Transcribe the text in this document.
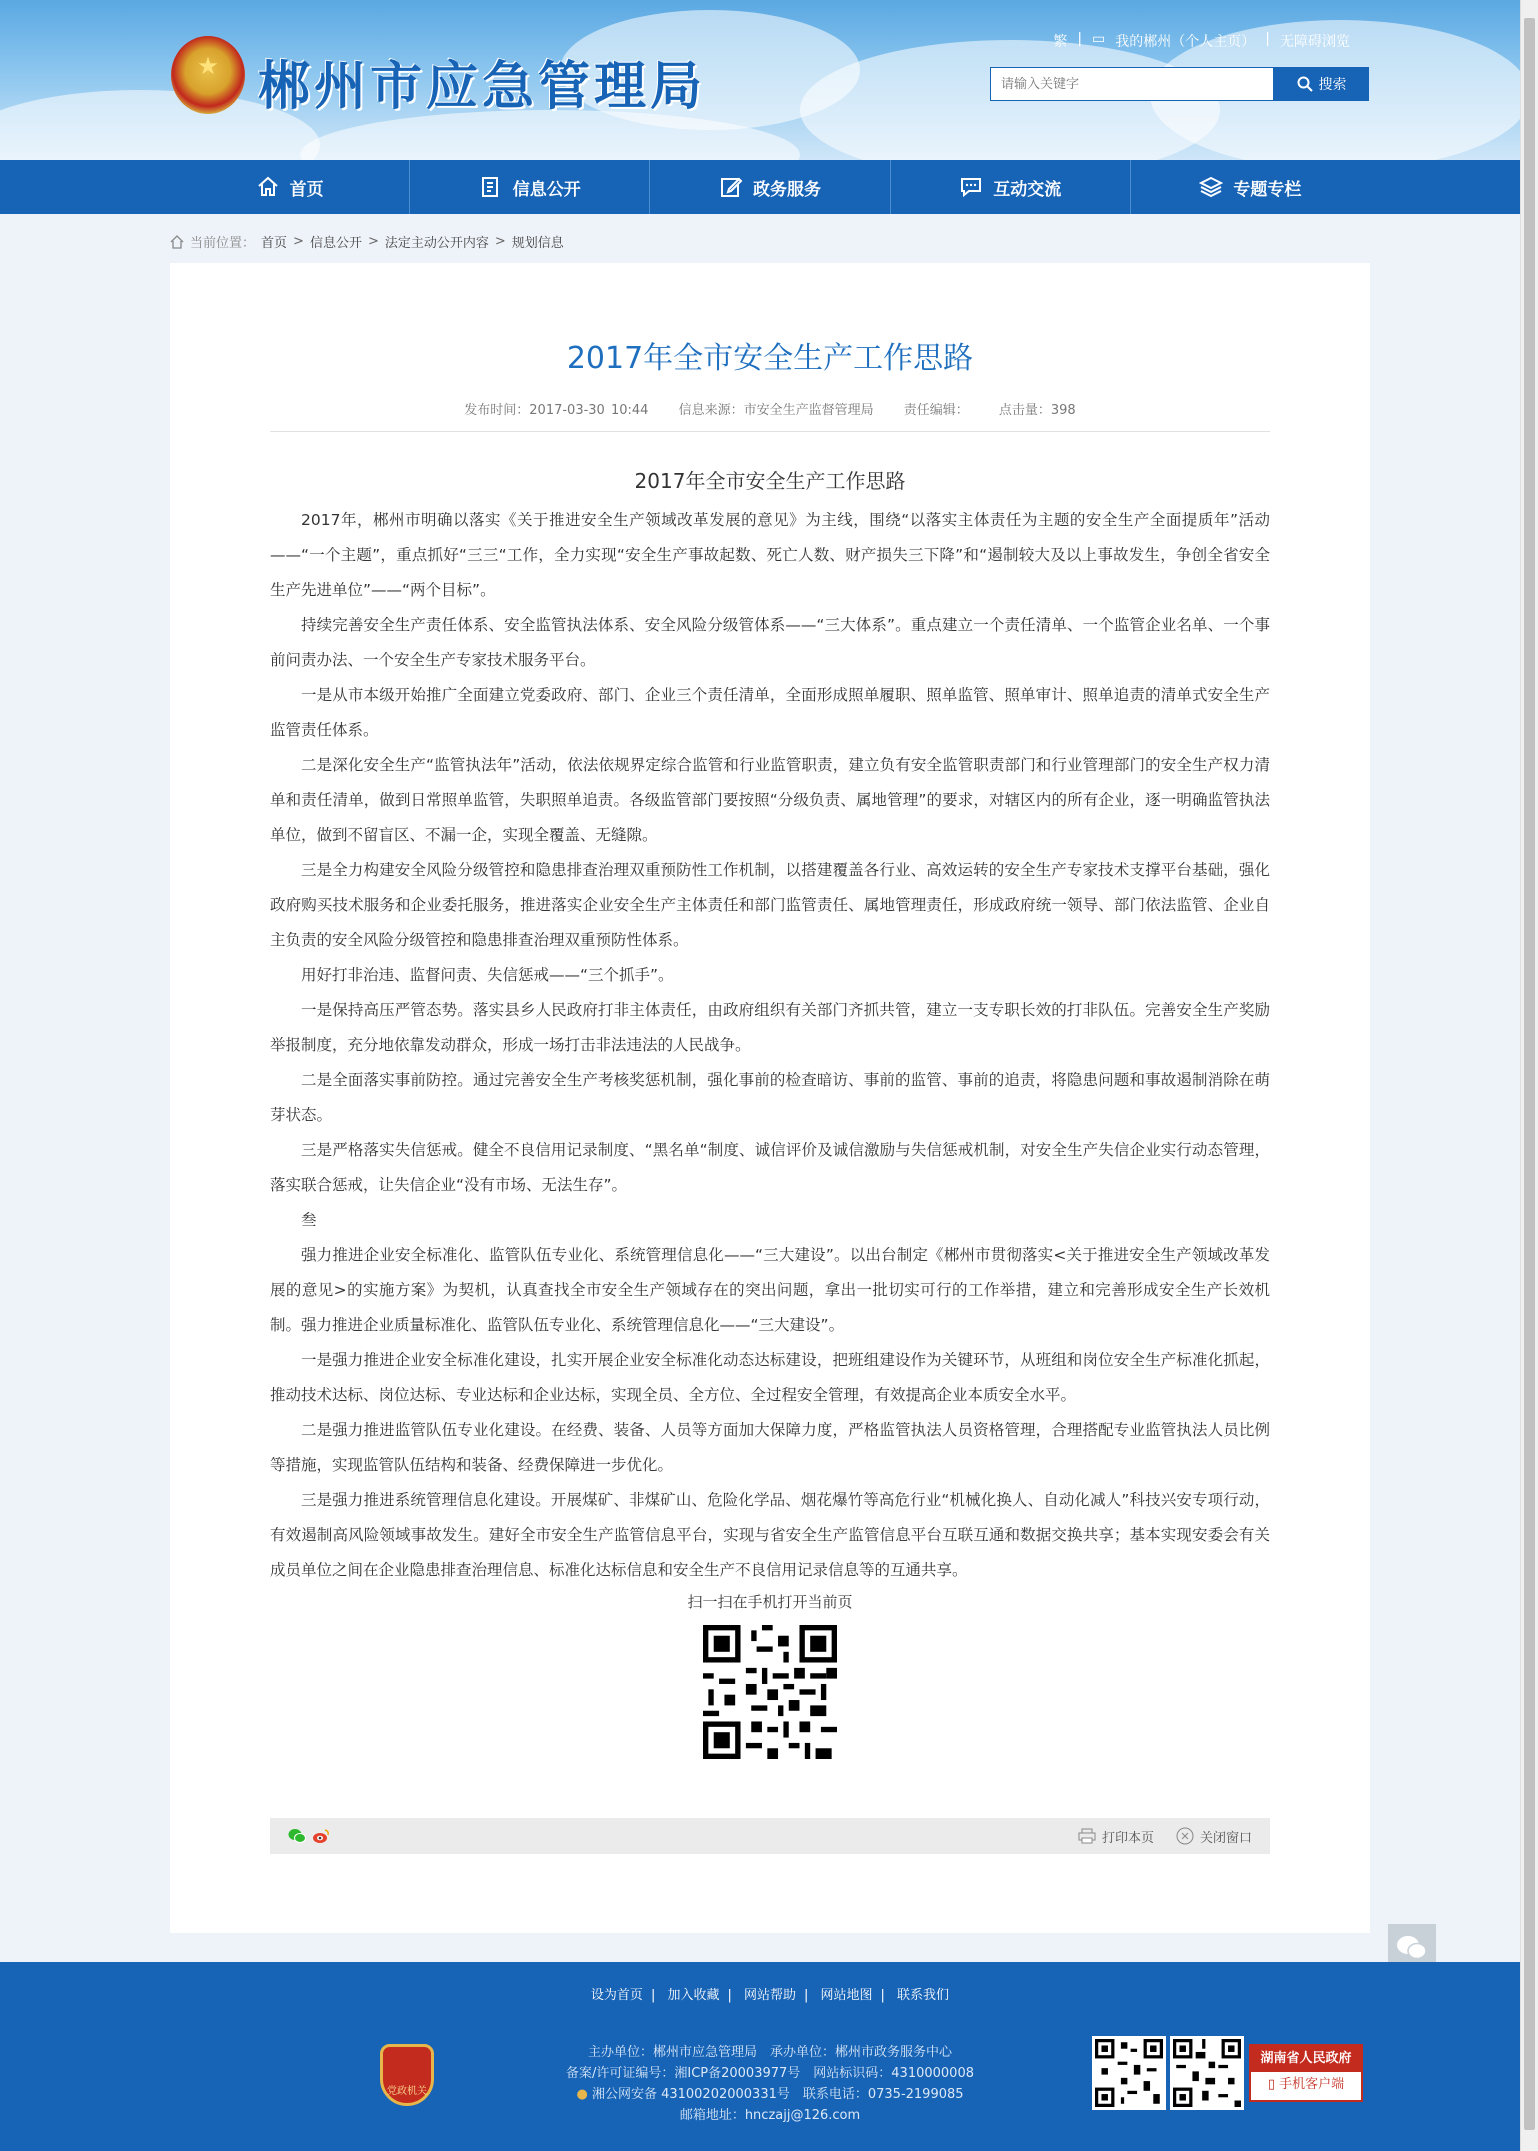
★ 郴州市应急管理局
繁 | ▭ 我的郴州（个人主页） | 无障碍浏览
请输入关键字
搜索
首页	信息公开	政务服务	互动交流	专题专栏
当前位置： 首页 > 信息公开 > 法定主动公开内容 > 规划信息
2017年全市安全生产工作思路
发布时间：2017-03-30 10:44 信息来源：市安全生产监督管理局 责任编辑： 点击量：398
2017年全市安全生产工作思路

2017年，郴州市明确以落实《关于推进安全生产领域改革发展的意见》为主线，围绕“以落实主体责任为主题的安全生产全面提质年”活动——“一个主题”，重点抓好“三三“工作，全力实现“安全生产事故起数、死亡人数、财产损失三下降”和“遏制较大及以上事故发生，争创全省安全生产先进单位”——“两个目标”。

持续完善安全生产责任体系、安全监管执法体系、安全风险分级管体系——“三大体系”。重点建立一个责任清单、一个监管企业名单、一个事前问责办法、一个安全生产专家技术服务平台。

一是从市本级开始推广全面建立党委政府、部门、企业三个责任清单，全面形成照单履职、照单监管、照单审计、照单追责的清单式安全生产监管责任体系。

二是深化安全生产“监管执法年”活动，依法依规界定综合监管和行业监管职责，建立负有安全监管职责部门和行业管理部门的安全生产权力清单和责任清单，做到日常照单监管，失职照单追责。各级监管部门要按照“分级负责、属地管理”的要求，对辖区内的所有企业，逐一明确监管执法单位，做到不留盲区、不漏一企，实现全覆盖、无缝隙。

三是全力构建安全风险分级管控和隐患排查治理双重预防性工作机制，以搭建覆盖各行业、高效运转的安全生产专家技术支撑平台基础，强化政府购买技术服务和企业委托服务，推进落实企业安全生产主体责任和部门监管责任、属地管理责任，形成政府统一领导、部门依法监管、企业自主负责的安全风险分级管控和隐患排查治理双重预防性体系。

用好打非治违、监督问责、失信惩戒——“三个抓手”。

一是保持高压严管态势。落实县乡人民政府打非主体责任，由政府组织有关部门齐抓共管，建立一支专职长效的打非队伍。完善安全生产奖励举报制度，充分地依靠发动群众，形成一场打击非法违法的人民战争。

二是全面落实事前防控。通过完善安全生产考核奖惩机制，强化事前的检查暗访、事前的监管、事前的追责，将隐患问题和事故遏制消除在萌芽状态。

三是严格落实失信惩戒。健全不良信用记录制度、“黑名单“制度、诚信评价及诚信激励与失信惩戒机制，对安全生产失信企业实行动态管理，落实联合惩戒，让失信企业“没有市场、无法生存”。

叁

强力推进企业安全标准化、监管队伍专业化、系统管理信息化——“三大建设”。以出台制定《郴州市贯彻落实<关于推进安全生产领域改革发展的意见>的实施方案》为契机，认真查找全市安全生产领域存在的突出问题，拿出一批切实可行的工作举措，建立和完善形成安全生产长效机制。强力推进企业质量标准化、监管队伍专业化、系统管理信息化——“三大建设”。

一是强力推进企业安全标准化建设，扎实开展企业安全标准化动态达标建设，把班组建设作为关键环节，从班组和岗位安全生产标准化抓起，推动技术达标、岗位达标、专业达标和企业达标，实现全员、全方位、全过程安全管理，有效提高企业本质安全水平。

二是强力推进监管队伍专业化建设。在经费、装备、人员等方面加大保障力度，严格监管执法人员资格管理，合理搭配专业监管执法人员比例等措施，实现监管队伍结构和装备、经费保障进一步优化。

三是强力推进系统管理信息化建设。开展煤矿、非煤矿山、危险化学品、烟花爆竹等高危行业“机械化换人、自动化减人”科技兴安专项行动，有效遏制高风险领域事故发生。建好全市安全生产监管信息平台，实现与省安全生产监管信息平台互联互通和数据交换共享；基本实现安委会有关成员单位之间在企业隐患排查治理信息、标准化达标信息和安全生产不良信用记录信息等的互通共享。

扫一扫在手机打开当前页
打印本页	关闭窗口
设为首页 | 加入收藏 | 网站帮助 | 网站地图 | 联系我们
党政机关
主办单位：郴州市应急管理局　承办单位：郴州市政务服务中心
备案/许可证编号：湘ICP备20003977号　网站标识码：4310000008
● 湘公网安备 43100202000331号　联系电话：0735-2199085
邮箱地址：hnczajj@126.com
湖南省人民政府
▯ 手机客户端
